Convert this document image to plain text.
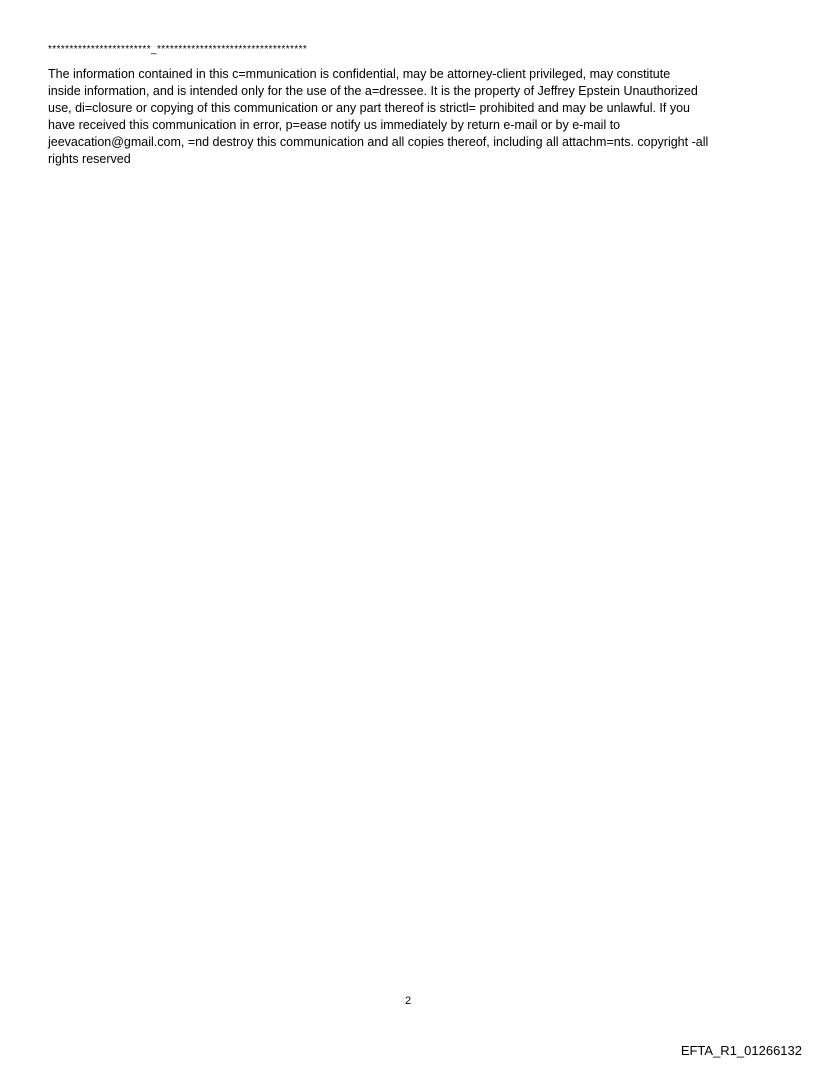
************************_***********************************

The information contained in this c=mmunication is confidential, may be attorney-client privileged, may constitute
inside information, and is intended only for the use of the a=dressee. It is the property of Jeffrey Epstein Unauthorized
use, di=closure or copying of this communication or any part thereof is strictl= prohibited and may be unlawful. If you
have received this communication in error, p=ease notify us immediately by return e-mail or by e-mail to
jeevacation@gmail.com, =nd destroy this communication and all copies thereof, including all attachm=nts. copyright -all
rights reserved

2
EFTA_R1_01266132
